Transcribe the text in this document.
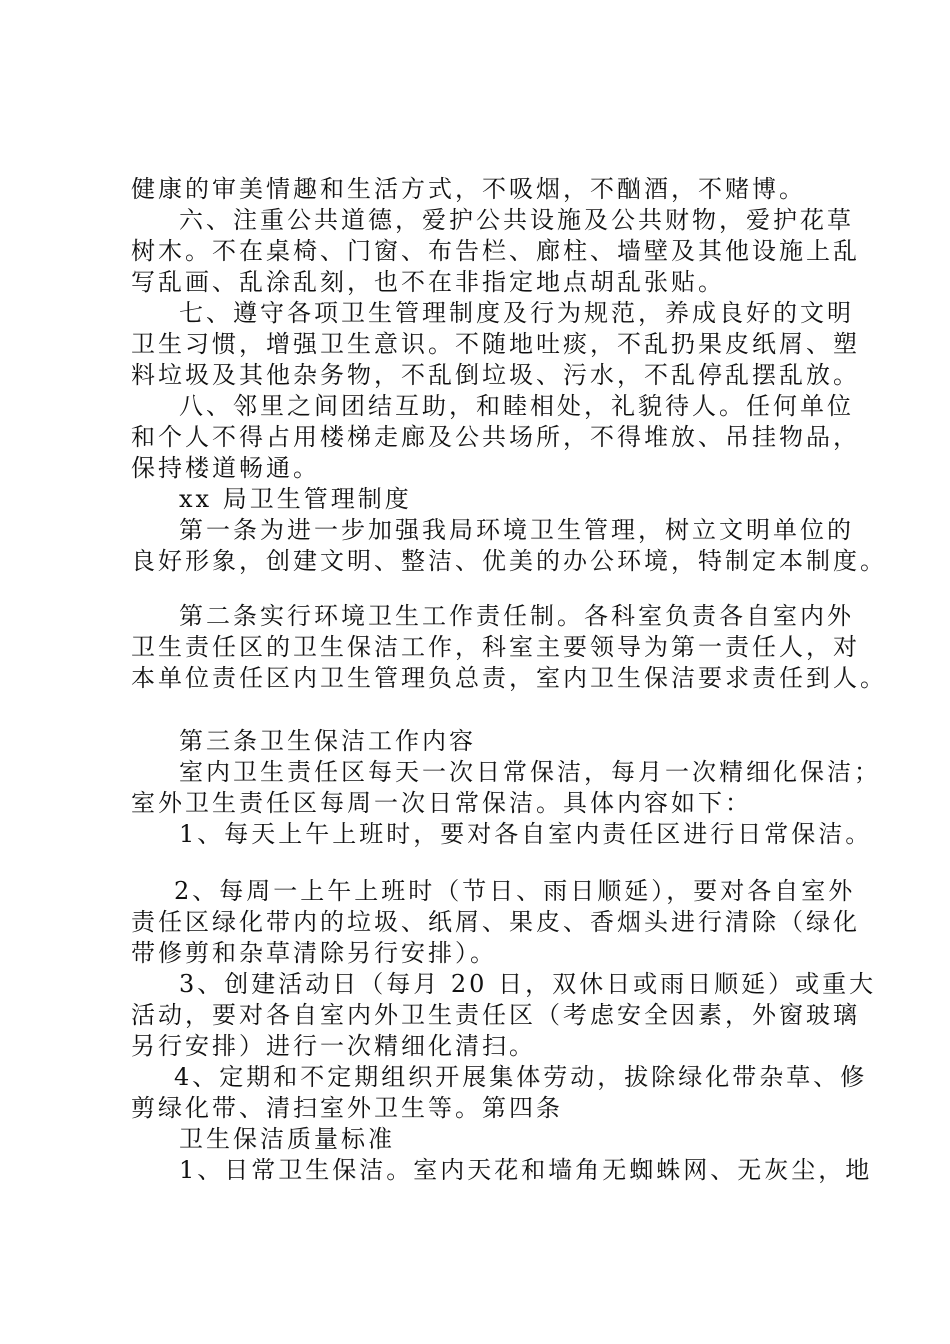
健康的审美情趣和生活方式，不吸烟，不酗酒，不赌博。
六、注重公共道德，爱护公共设施及公共财物，爱护花草
树木。不在桌椅、门窗、布告栏、廊柱、墙壁及其他设施上乱
写乱画、乱涂乱刻，也不在非指定地点胡乱张贴。
七、遵守各项卫生管理制度及行为规范，养成良好的文明
卫生习惯，增强卫生意识。不随地吐痰，不乱扔果皮纸屑、塑
料垃圾及其他杂务物，不乱倒垃圾、污水，不乱停乱摆乱放。
八、邻里之间团结互助，和睦相处，礼貌待人。任何单位
和个人不得占用楼梯走廊及公共场所，不得堆放、吊挂物品，
保持楼道畅通。
xx 局卫生管理制度
第一条为进一步加强我局环境卫生管理，树立文明单位的
良好形象，创建文明、整洁、优美的办公环境，特制定本制度。
第二条实行环境卫生工作责任制。各科室负责各自室内外
卫生责任区的卫生保洁工作，科室主要领导为第一责任人，对
本单位责任区内卫生管理负总责，室内卫生保洁要求责任到人。
第三条卫生保洁工作内容
室内卫生责任区每天一次日常保洁，每月一次精细化保洁；
室外卫生责任区每周一次日常保洁。具体内容如下：
1、每天上午上班时，要对各自室内责任区进行日常保洁。
2、每周一上午上班时（节日、雨日顺延），要对各自室外
责任区绿化带内的垃圾、纸屑、果皮、香烟头进行清除（绿化
带修剪和杂草清除另行安排）。
3、创建活动日（每月 20 日，双休日或雨日顺延）或重大
活动，要对各自室内外卫生责任区（考虑安全因素，外窗玻璃
另行安排）进行一次精细化清扫。
4、定期和不定期组织开展集体劳动，拔除绿化带杂草、修
剪绿化带、清扫室外卫生等。第四条
卫生保洁质量标准
1、日常卫生保洁。室内天花和墙角无蜘蛛网、无灰尘，地
